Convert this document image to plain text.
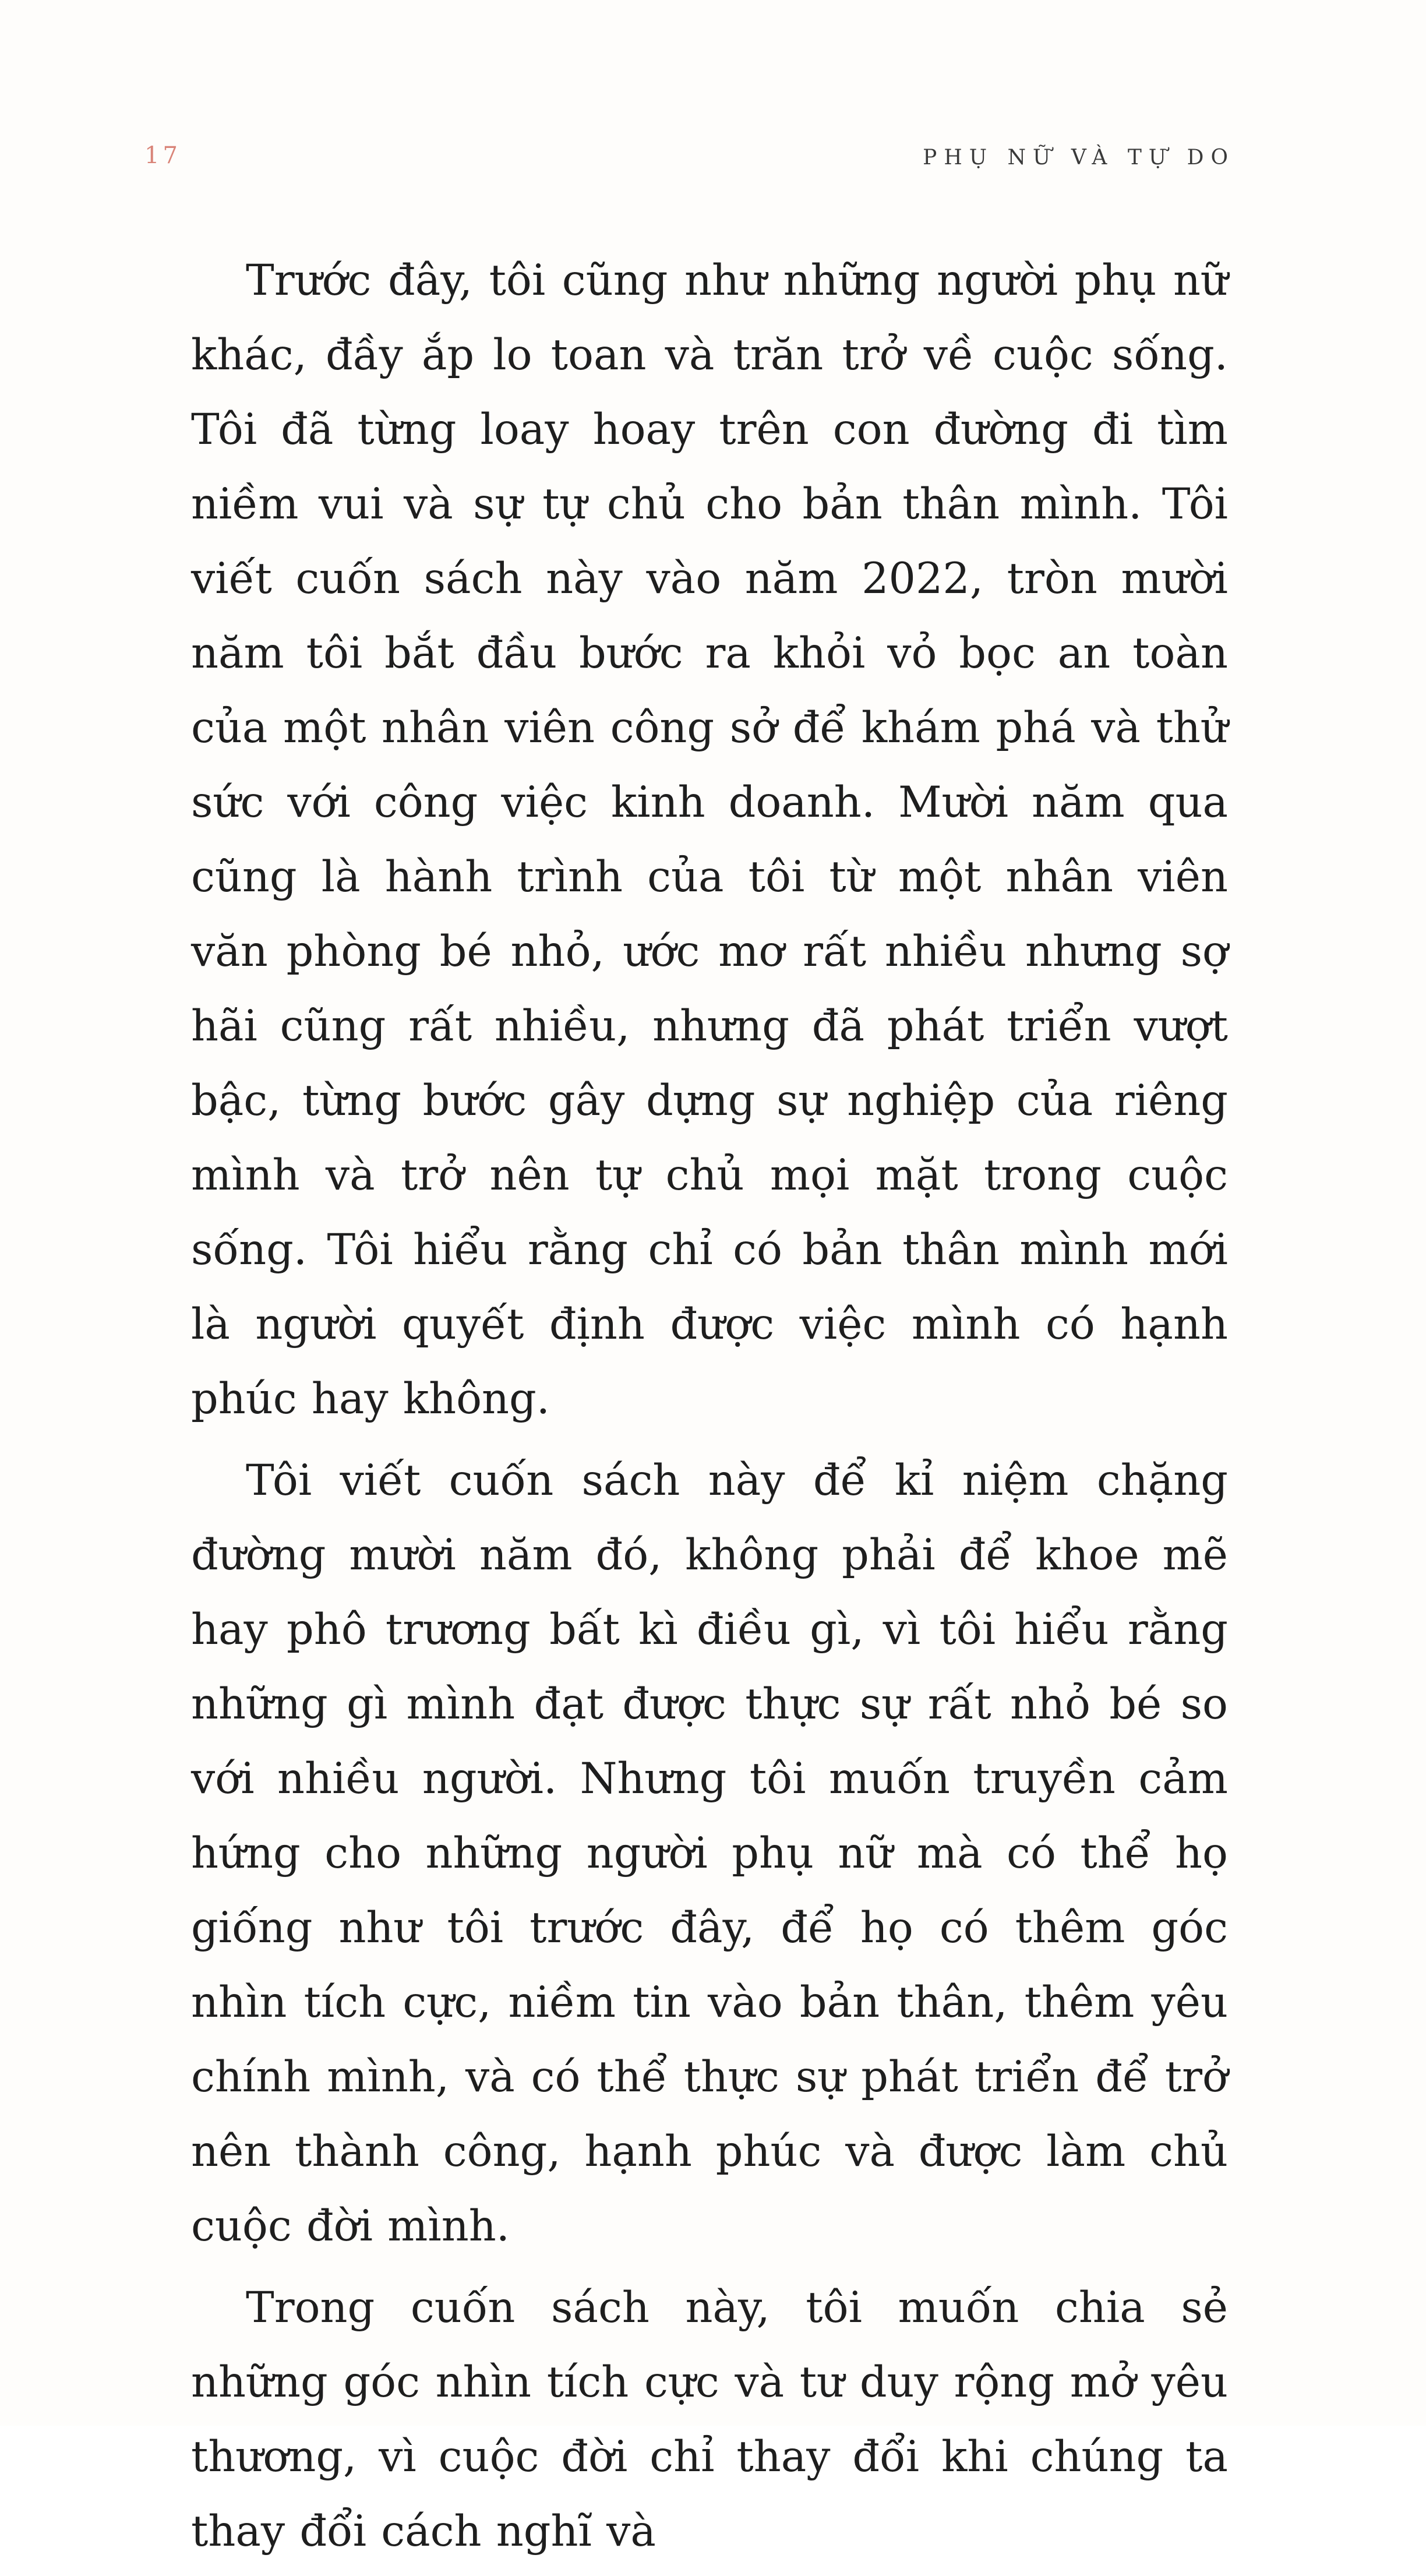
17	PHỤ NỮ VÀ TỰ DO

Trước đây, tôi cũng như những người phụ nữ khác, đầy ắp lo toan và trăn trở về cuộc sống. Tôi đã từng loay hoay trên con đường đi tìm niềm vui và sự tự chủ cho bản thân mình. Tôi viết cuốn sách này vào năm 2022, tròn mười năm tôi bắt đầu bước ra khỏi vỏ bọc an toàn của một nhân viên công sở để khám phá và thử sức với công việc kinh doanh. Mười năm qua cũng là hành trình của tôi từ một nhân viên văn phòng bé nhỏ, ước mơ rất nhiều nhưng sợ hãi cũng rất nhiều, nhưng đã phát triển vượt bậc, từng bước gây dựng sự nghiệp của riêng mình và trở nên tự chủ mọi mặt trong cuộc sống. Tôi hiểu rằng chỉ có bản thân mình mới là người quyết định được việc mình có hạnh phúc hay không.

Tôi viết cuốn sách này để kỉ niệm chặng đường mười năm đó, không phải để khoe mẽ hay phô trương bất kì điều gì, vì tôi hiểu rằng những gì mình đạt được thực sự rất nhỏ bé so với nhiều người. Nhưng tôi muốn truyền cảm hứng cho những người phụ nữ mà có thể họ giống như tôi trước đây, để họ có thêm góc nhìn tích cực, niềm tin vào bản thân, thêm yêu chính mình, và có thể thực sự phát triển để trở nên thành công, hạnh phúc và được làm chủ cuộc đời mình.

Trong cuốn sách này, tôi muốn chia sẻ những góc nhìn tích cực và tư duy rộng mở yêu thương, vì cuộc đời chỉ thay đổi khi chúng ta thay đổi cách nghĩ và
